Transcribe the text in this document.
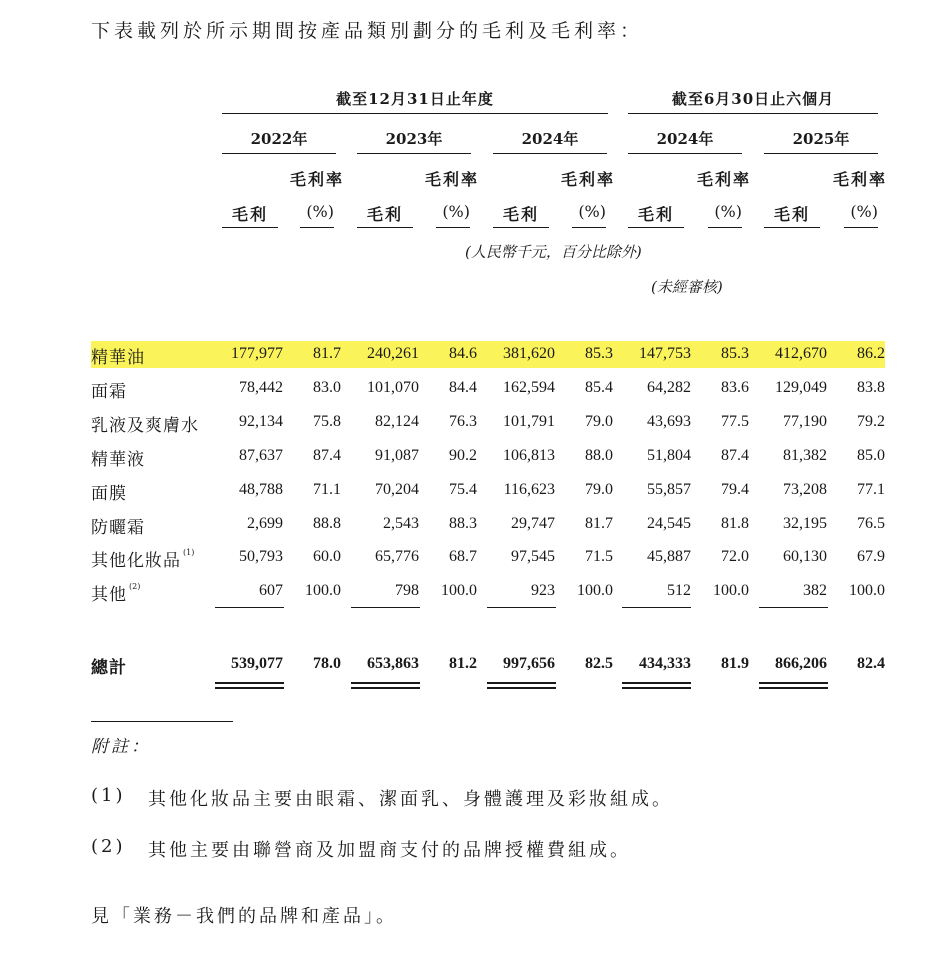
下表載列於所示期間按產品類別劃分的毛利及毛利率：
截至12月31日止年度	截至6月30日止六個月
2022年	2023年	2024年	2024年	2025年
毛利率	毛利率	毛利率	毛利率	毛利率
毛利	(%)	毛利	(%)	毛利	(%)	毛利	(%)	毛利	(%)
(人民幣千元，百分比除外)
(未經審核)
精華油	177,977 81.7 240,261 84.6 381,620 85.3 147,753 85.3 412,670 86.2
面霜	78,442 83.0 101,070 84.4 162,594 85.4 64,282 83.6 129,049 83.8
乳液及爽膚水	92,134 75.8 82,124 76.3 101,791 79.0 43,693 77.5 77,190 79.2
精華液	87,637 87.4 91,087 90.2 106,813 88.0 51,804 87.4 81,382 85.0
面膜	48,788 71.1 70,204 75.4 116,623 79.0 55,857 79.4 73,208 77.1
防曬霜	2,699 88.8	2,543 88.3 29,747 81.7 24,545 81.8 32,195 76.5
其他化妝品 (1)	50,793 60.0 65,776 68.7 97,545 71.5 45,887 72.0 60,130 67.9
其他 (2)	607 100.0	798 100.0	923 100.0	512 100.0	382 100.0
總計	539,077 78.0 653,863 81.2 997,656 82.5 434,333 81.9 866,206 82.4
附註：
(1) 其他化妝品主要由眼霜、潔面乳、身體護理及彩妝組成。
(2) 其他主要由聯營商及加盟商支付的品牌授權費組成。
見「業務－我們的品牌和產品」。
